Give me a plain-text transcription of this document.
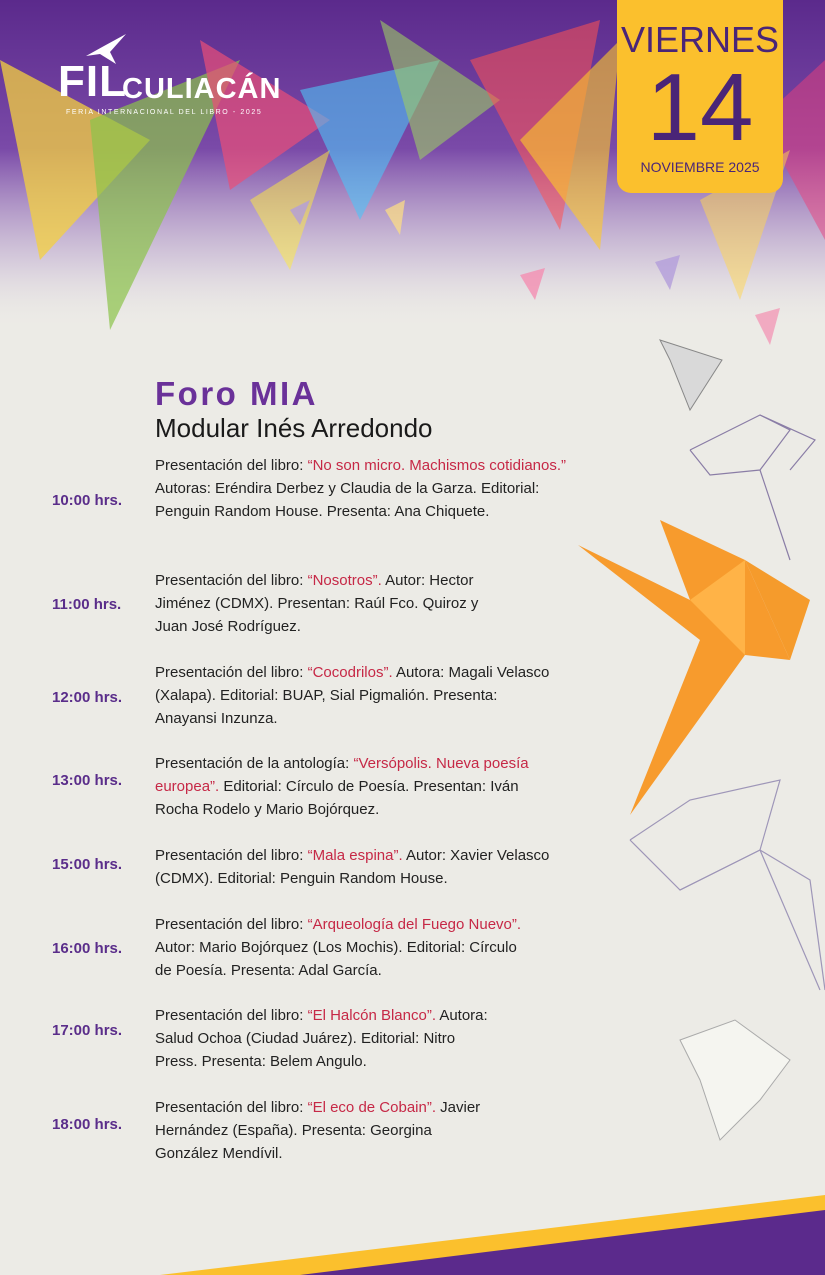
FIL
CULIACÁN
FERIA INTERNACIONAL DEL LIBRO - 2025
VIERNES
14
NOVIEMBRE 2025
Foro MIA
Modular Inés Arredondo
10:00 hrs.
Presentación del libro: “No son micro. Machismos cotidianos.” Autoras: Eréndira Derbez y Claudia de la Garza. Editorial: Penguin Random House. Presenta: Ana Chiquete.
11:00 hrs.
Presentación del libro: “Nosotros”. Autor: Hector Jiménez (CDMX). Presentan: Raúl Fco. Quiroz y Juan José Rodríguez.
12:00 hrs.
Presentación del libro: “Cocodrilos”. Autora: Magali Velasco (Xalapa). Editorial: BUAP, Sial Pigmalión. Presenta: Anayansi Inzunza.
13:00 hrs.
Presentación de la antología: “Versópolis. Nueva poesía europea”. Editorial: Círculo de Poesía. Presentan: Iván Rocha Rodelo y Mario Bojórquez.
15:00 hrs.
Presentación del libro: “Mala espina”. Autor: Xavier Velasco (CDMX). Editorial: Penguin Random House.
16:00 hrs.
Presentación del libro: “Arqueología del Fuego Nuevo”. Autor: Mario Bojórquez (Los Mochis). Editorial: Círculo de Poesía. Presenta: Adal García.
17:00 hrs.
Presentación del libro: “El Halcón Blanco”. Autora: Salud Ochoa (Ciudad Juárez). Editorial: Nitro Press. Presenta: Belem Angulo.
18:00 hrs.
Presentación del libro: “El eco de Cobain”. Javier Hernández (España). Presenta: Georgina González Mendívil.
